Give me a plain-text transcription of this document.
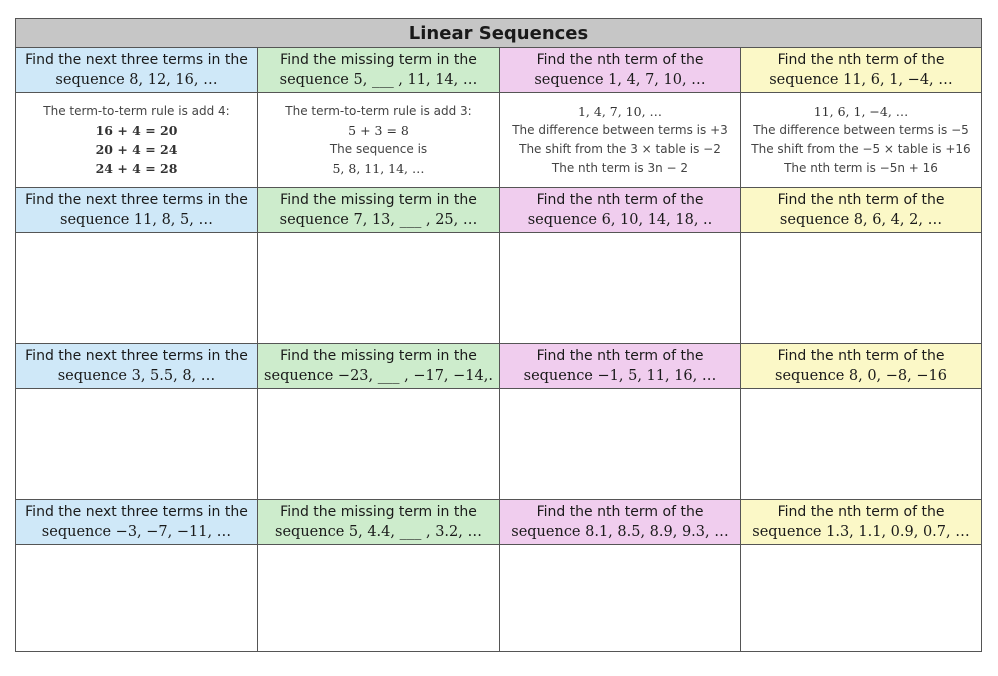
Linear Sequences			

Find the next three terms in the
sequence 8, 12, 16, …	Find the missing term in the
sequence 5, ___ , 11, 14, …	Find the nth term of the
sequence 1, 4, 7, 10, …	Find the nth term of the
sequence 11, 6, 1, −4, …

The term-to-term rule is add 4:
16 + 4 = 20
20 + 4 = 24
24 + 4 = 28	The term-to-term rule is add 3:
5 + 3 = 8
The sequence is
5, 8, 11, 14, …	1, 4, 7, 10, …
The difference between terms is +3
The shift from the 3 × table is −2
The nth term is 3n − 2	11, 6, 1, −4, …
The difference between terms is −5
The shift from the −5 × table is +16
The nth term is −5n + 16

Find the next three terms in the
sequence 11, 8, 5, …	Find the missing term in the
sequence 7, 13, ___ , 25, …	Find the nth term of the
sequence 6, 10, 14, 18, ..	Find the nth term of the
sequence 8, 6, 4, 2, …

Find the next three terms in the
sequence 3, 5.5, 8, …	Find the missing term in the
sequence −23, ___ , −17, −14,.	Find the nth term of the
sequence −1, 5, 11, 16, …	Find the nth term of the
sequence 8, 0, −8, −16

Find the next three terms in the
sequence −3, −7, −11, …	Find the missing term in the
sequence 5, 4.4, ___ , 3.2, …	Find the nth term of the
sequence 8.1, 8.5, 8.9, 9.3, …	Find the nth term of the
sequence 1.3, 1.1, 0.9, 0.7, …
